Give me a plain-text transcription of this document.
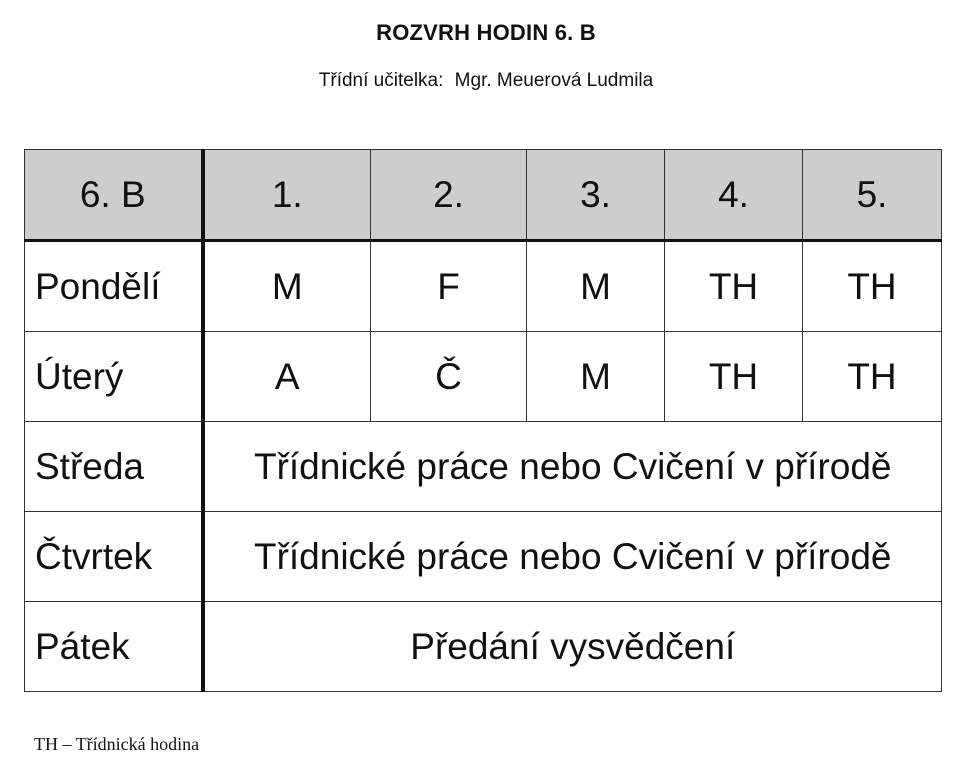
ROZVRH HODIN 6. B
Třídní učitelka: Mgr. Meuerová Ludmila
6. B	1.	2.	3.	4.	5.
Pondělí	M	F	M	TH	TH
Úterý	A	Č	M	TH	TH
Středa	Třídnické práce nebo Cvičení v přírodě				
Čtvrtek	Třídnické práce nebo Cvičení v přírodě				
Pátek	Předání vysvědčení				
TH – Třídnická hodina
